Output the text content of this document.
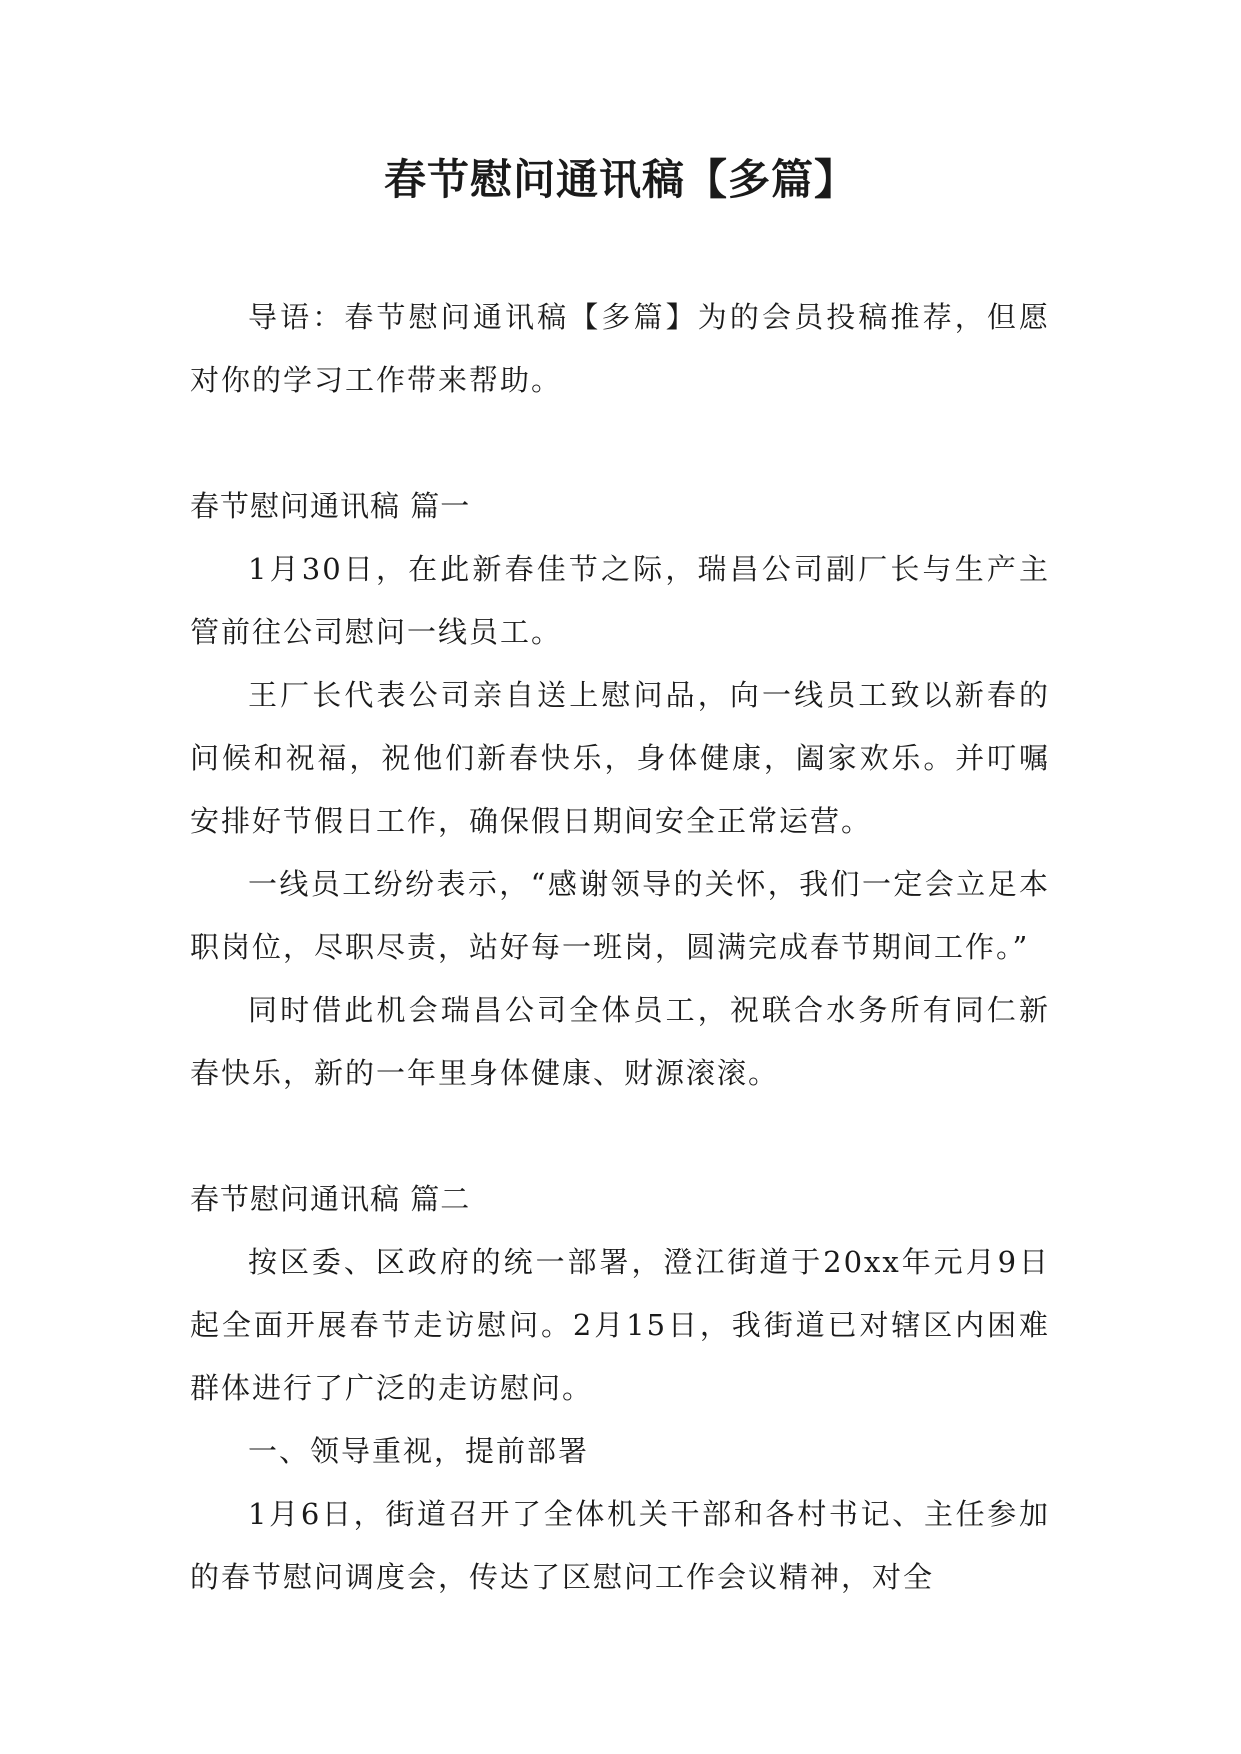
春节慰问通讯稿【多篇】

导语：春节慰问通讯稿【多篇】为的会员投稿推荐，但愿对你的学习工作带来帮助。

春节慰问通讯稿 篇一

1月30日，在此新春佳节之际，瑞昌公司副厂长与生产主管前往公司慰问一线员工。

王厂长代表公司亲自送上慰问品，向一线员工致以新春的问候和祝福，祝他们新春快乐，身体健康，阖家欢乐。并叮嘱安排好节假日工作，确保假日期间安全正常运营。

一线员工纷纷表示，“感谢领导的关怀，我们一定会立足本职岗位，尽职尽责，站好每一班岗，圆满完成春节期间工作。”

同时借此机会瑞昌公司全体员工，祝联合水务所有同仁新春快乐，新的一年里身体健康、财源滚滚。

春节慰问通讯稿 篇二

按区委、区政府的统一部署，澄江街道于20xx年元月9日起全面开展春节走访慰问。2月15日，我街道已对辖区内困难群体进行了广泛的走访慰问。

一、领导重视，提前部署

1月6日，街道召开了全体机关干部和各村书记、主任参加的春节慰问调度会，传达了区慰问工作会议精神，对全
